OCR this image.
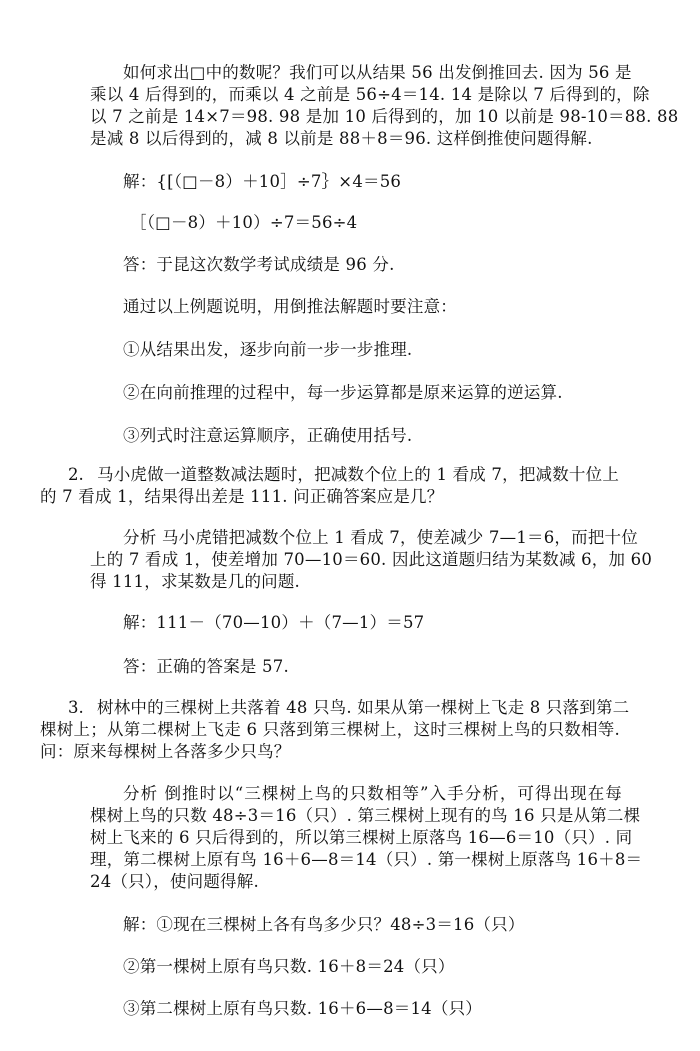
如何求出□中的数呢？我们可以从结果 56 出发倒推回去. 因为 56 是
乘以 4 后得到的，而乘以 4 之前是 56÷4＝14. 14 是除以 7 后得到的，除
以 7 之前是 14×7＝98. 98 是加 10 后得到的，加 10 以前是 98-10＝88. 88
是减 8 以后得到的，减 8 以前是 88＋8＝96. 这样倒推使问题得解.
解：{[（□－8）＋10］÷7｝×4＝56
［（□－8）＋10）÷7＝56÷4
答：于昆这次数学考试成绩是 96 分.
通过以上例题说明，用倒推法解题时要注意：
①从结果出发，逐步向前一步一步推理.
②在向前推理的过程中，每一步运算都是原来运算的逆运算.
③列式时注意运算顺序，正确使用括号.
2. 马小虎做一道整数减法题时，把减数个位上的 1 看成 7，把减数十位上
的 7 看成 1，结果得出差是 111. 问正确答案应是几？
分析 马小虎错把减数个位上 1 看成 7，使差减少 7—1＝6，而把十位
上的 7 看成 1，使差增加 70—10＝60. 因此这道题归结为某数减 6，加 60
得 111，求某数是几的问题.
解：111－（70—10）＋（7—1）＝57
答：正确的答案是 57.
3. 树林中的三棵树上共落着 48 只鸟. 如果从第一棵树上飞走 8 只落到第二
棵树上；从第二棵树上飞走 6 只落到第三棵树上，这时三棵树上鸟的只数相等.
问：原来每棵树上各落多少只鸟？
分析 倒推时以“三棵树上鸟的只数相等”入手分析，可得出现在每
棵树上鸟的只数 48÷3＝16（只）. 第三棵树上现有的鸟 16 只是从第二棵
树上飞来的 6 只后得到的，所以第三棵树上原落鸟 16—6＝10（只）. 同
理，第二棵树上原有鸟 16＋6—8＝14（只）. 第一棵树上原落鸟 16＋8＝
24（只），使问题得解.
解：①现在三棵树上各有鸟多少只？48÷3＝16（只）
②第一棵树上原有鸟只数. 16＋8＝24（只）
③第二棵树上原有鸟只数. 16＋6—8＝14（只）
